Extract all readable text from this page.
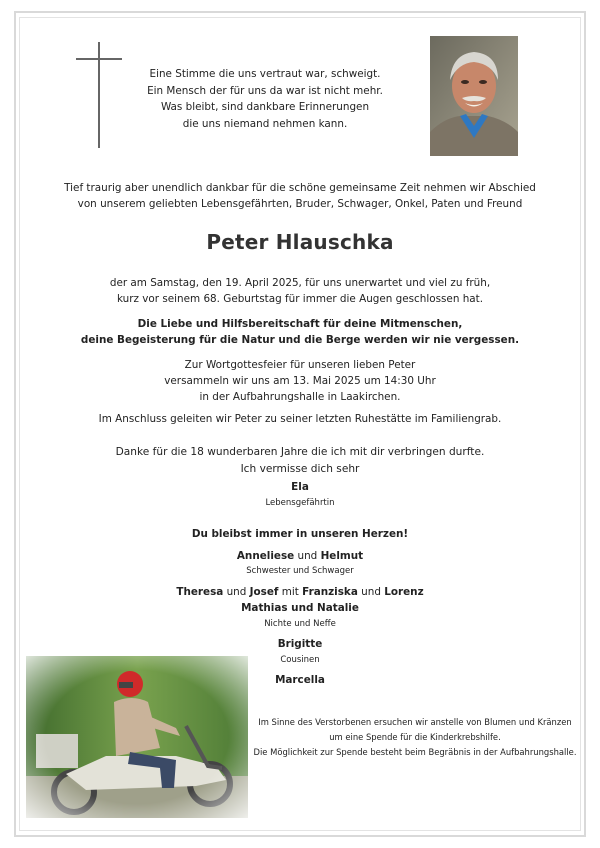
Eine Stimme die uns vertraut war, schweigt.
Ein Mensch der für uns da war ist nicht mehr.
Was bleibt, sind dankbare Erinnerungen
die uns niemand nehmen kann.
Tief traurig aber unendlich dankbar für die schöne gemeinsame Zeit nehmen wir Abschied
von unserem geliebten Lebensgefährten, Bruder, Schwager, Onkel, Paten und Freund
Peter Hlauschka
der am Samstag, den 19. April 2025, für uns unerwartet und viel zu früh,
kurz vor seinem 68. Geburtstag für immer die Augen geschlossen hat.
Die Liebe und Hilfsbereitschaft für deine Mitmenschen,
deine Begeisterung für die Natur und die Berge werden wir nie vergessen.
Zur Wortgottesfeier für unseren lieben Peter
versammeln wir uns am 13. Mai 2025 um 14:30 Uhr
in der Aufbahrungshalle in Laakirchen.
Im Anschluss geleiten wir Peter zu seiner letzten Ruhestätte im Familiengrab.
Danke für die 18 wunderbaren Jahre die ich mit dir verbringen durfte.
Ich vermisse dich sehr
Ela
Lebensgefährtin
Du bleibst immer in unseren Herzen!
Anneliese und Helmut
Schwester und Schwager
Theresa und Josef mit Franziska und Lorenz
Mathias und Natalie
Nichte und Neffe
Brigitte
Cousinen
Marcella
Im Sinne des Verstorbenen ersuchen wir anstelle von Blumen und Kränzen
um eine Spende für die Kinderkrebshilfe.
Die Möglichkeit zur Spende besteht beim Begräbnis in der Aufbahrungshalle.
